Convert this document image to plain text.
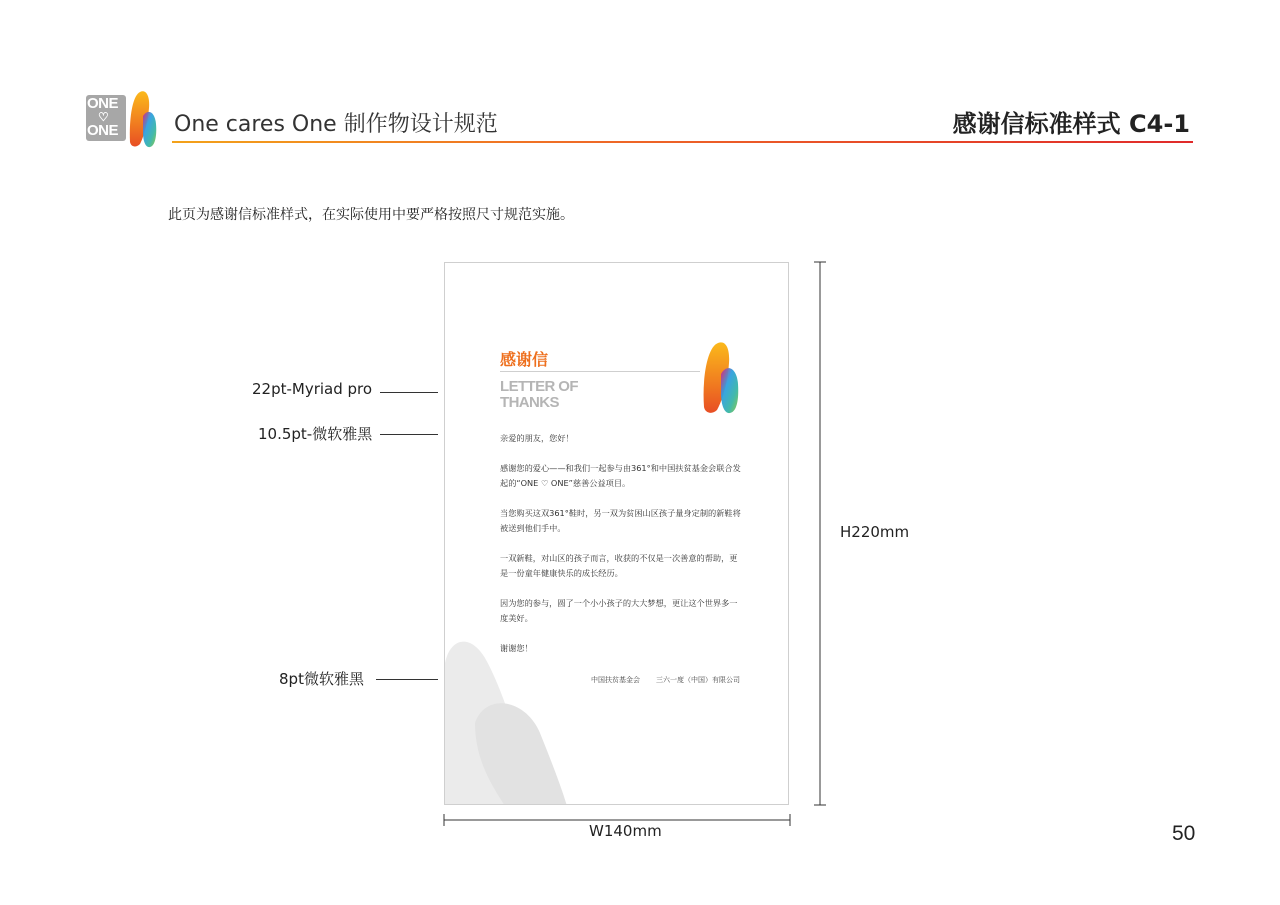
ONE
♡
ONE	One cares One 制作物设计规范	感谢信标准样式 C4-1
此页为感谢信标准样式，在实际使用中要严格按照尺寸规范实施。
感谢信
LETTER OF THANKS

亲爱的朋友，您好！

感谢您的爱心——和我们一起参与由361°和中国扶贫基金会联合发起的“ONE ♡ ONE”慈善公益项目。

当您购买这双361°鞋时，另一双为贫困山区孩子量身定制的新鞋将被送到他们手中。

一双新鞋，对山区的孩子而言，收获的不仅是一次善意的帮助，更是一份童年健康快乐的成长经历。

因为您的参与，圆了一个小小孩子的大大梦想，更让这个世界多一度美好。

谢谢您！

中国扶贫基金会 三六一度（中国）有限公司
22pt-Myriad pro
10.5pt-微软雅黑
8pt微软雅黑
H220mm
W140mm	50
